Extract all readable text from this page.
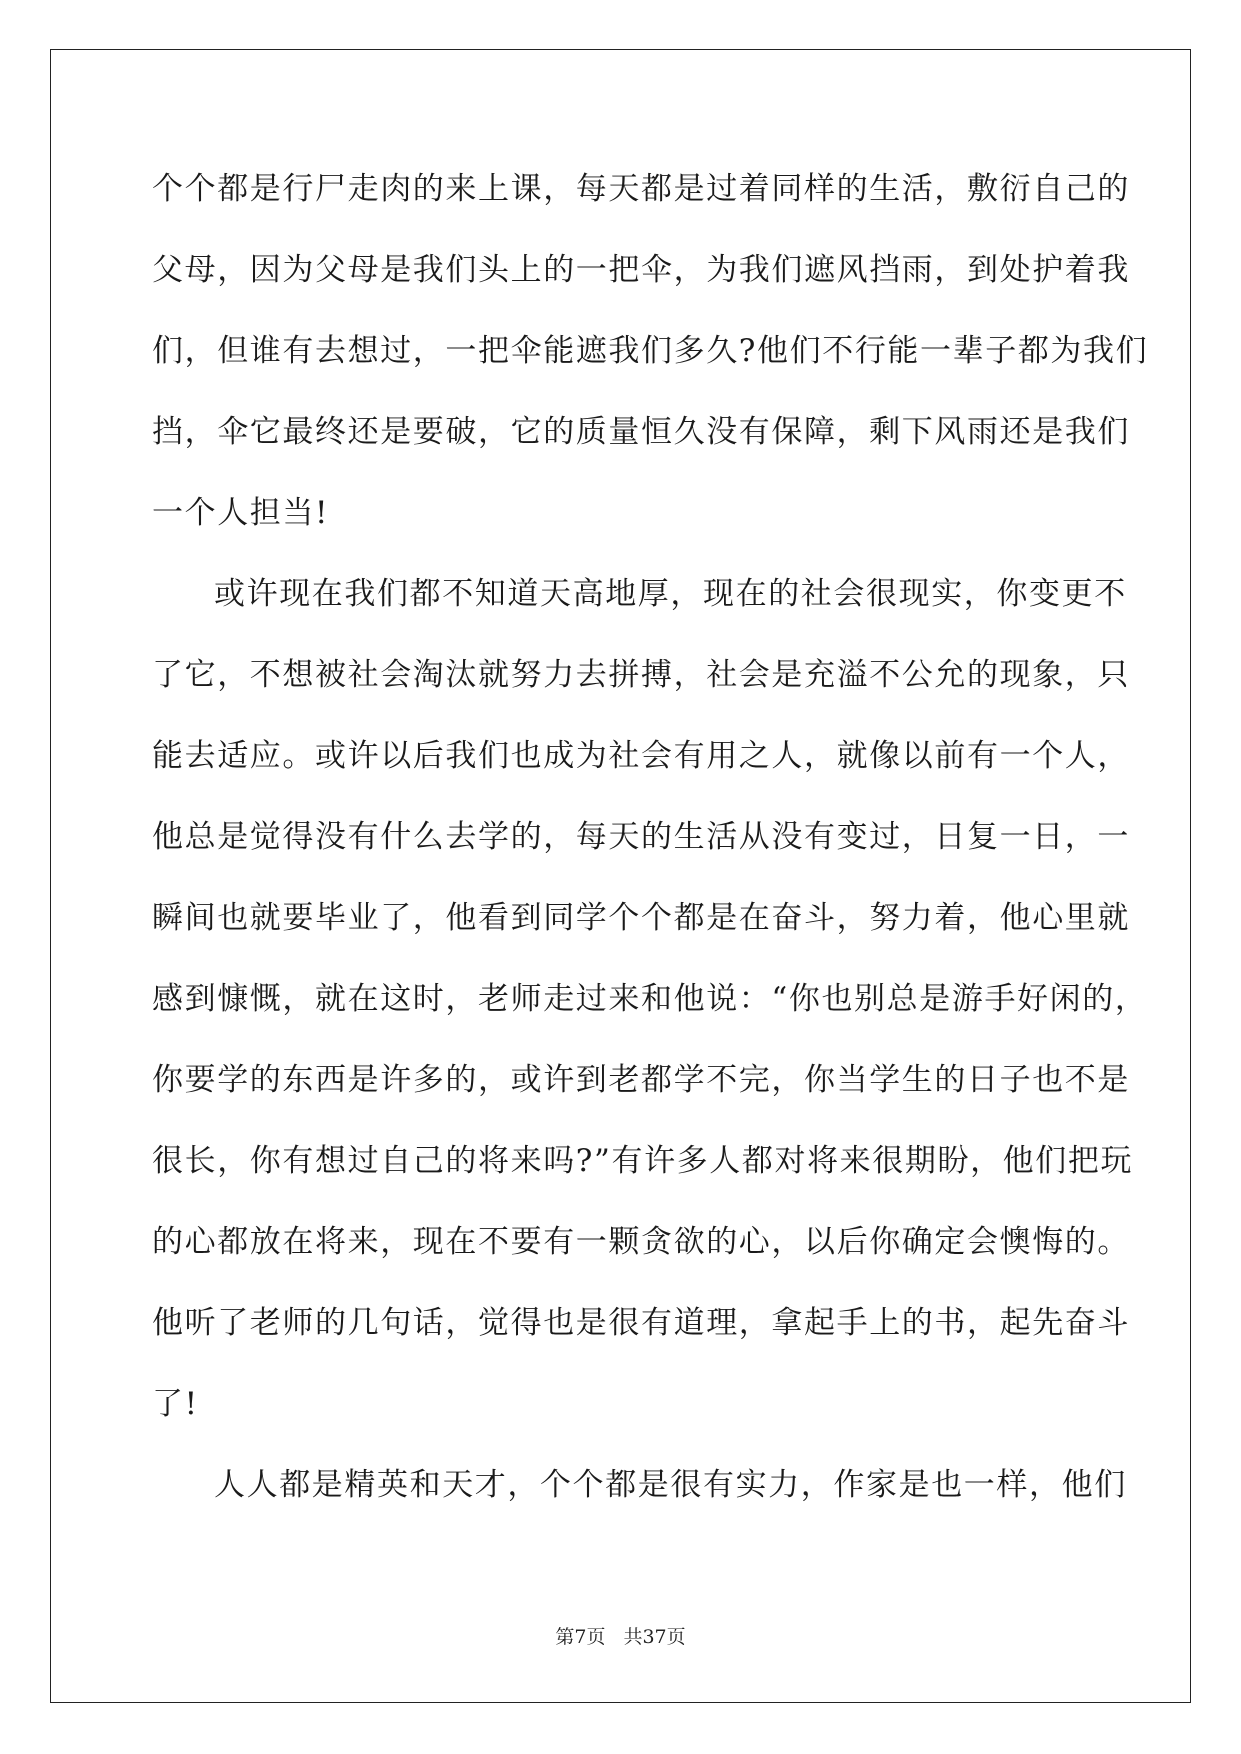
个个都是行尸走肉的来上课，每天都是过着同样的生活，敷衍自己的
父母，因为父母是我们头上的一把伞，为我们遮风挡雨，到处护着我
们，但谁有去想过，一把伞能遮我们多久?他们不行能一辈子都为我们
挡，伞它最终还是要破，它的质量恒久没有保障，剩下风雨还是我们
一个人担当!
或许现在我们都不知道天高地厚，现在的社会很现实，你变更不
了它，不想被社会淘汰就努力去拼搏，社会是充溢不公允的现象，只
能去适应。或许以后我们也成为社会有用之人，就像以前有一个人，
他总是觉得没有什么去学的，每天的生活从没有变过，日复一日，一
瞬间也就要毕业了，他看到同学个个都是在奋斗，努力着，他心里就
感到慷慨，就在这时，老师走过来和他说：“你也别总是游手好闲的，
你要学的东西是许多的，或许到老都学不完，你当学生的日子也不是
很长，你有想过自己的将来吗?”有许多人都对将来很期盼，他们把玩
的心都放在将来，现在不要有一颗贪欲的心，以后你确定会懊悔的。
他听了老师的几句话，觉得也是很有道理，拿起手上的书，起先奋斗
了!
人人都是精英和天才，个个都是很有实力，作家是也一样，他们
第7页 共37页
